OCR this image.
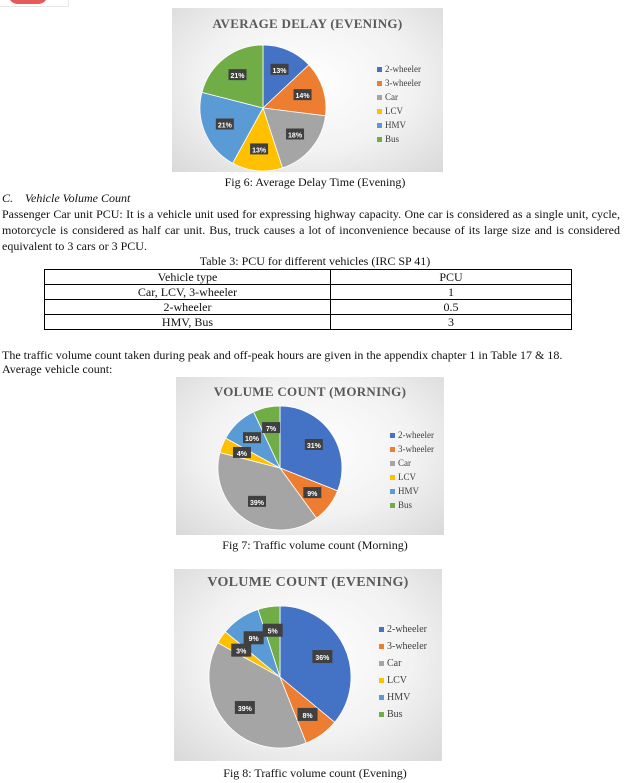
AVERAGE DELAY (EVENING)
13%
14%
18%
13%
21%
21%
2-wheeler
3-wheeler
Car
LCV
HMV
Bus
Fig 6: Average Delay Time (Evening)
C. Vehicle Volume Count

Passenger Car unit PCU: It is a vehicle unit used for expressing highway capacity. One car is considered as a single unit, cycle, motorcycle is considered as half car unit. Bus, truck causes a lot of inconvenience because of its large size and is considered equivalent to 3 cars or 3 PCU.

Table 3: PCU for different vehicles (IRC SP 41)
Vehicle type	PCU
Car, LCV, 3-wheeler	1
2-wheeler	0.5
HMV, Bus	3
The traffic volume count taken during peak and off-peak hours are given in the appendix chapter 1 in Table 17 & 18.
Average vehicle count:
VOLUME COUNT (MORNING)
31%
9%
39%
4%
10%
7%
2-wheeler
3-wheeler
Car
LCV
HMV
Bus
Fig 7: Traffic volume count (Morning)
VOLUME COUNT (EVENING)
36%
8%
39%
3%
9%
5%	2-wheeler
3-wheeler
Car
LCV
HMV
Bus
Fig 8: Traffic volume count (Evening)
